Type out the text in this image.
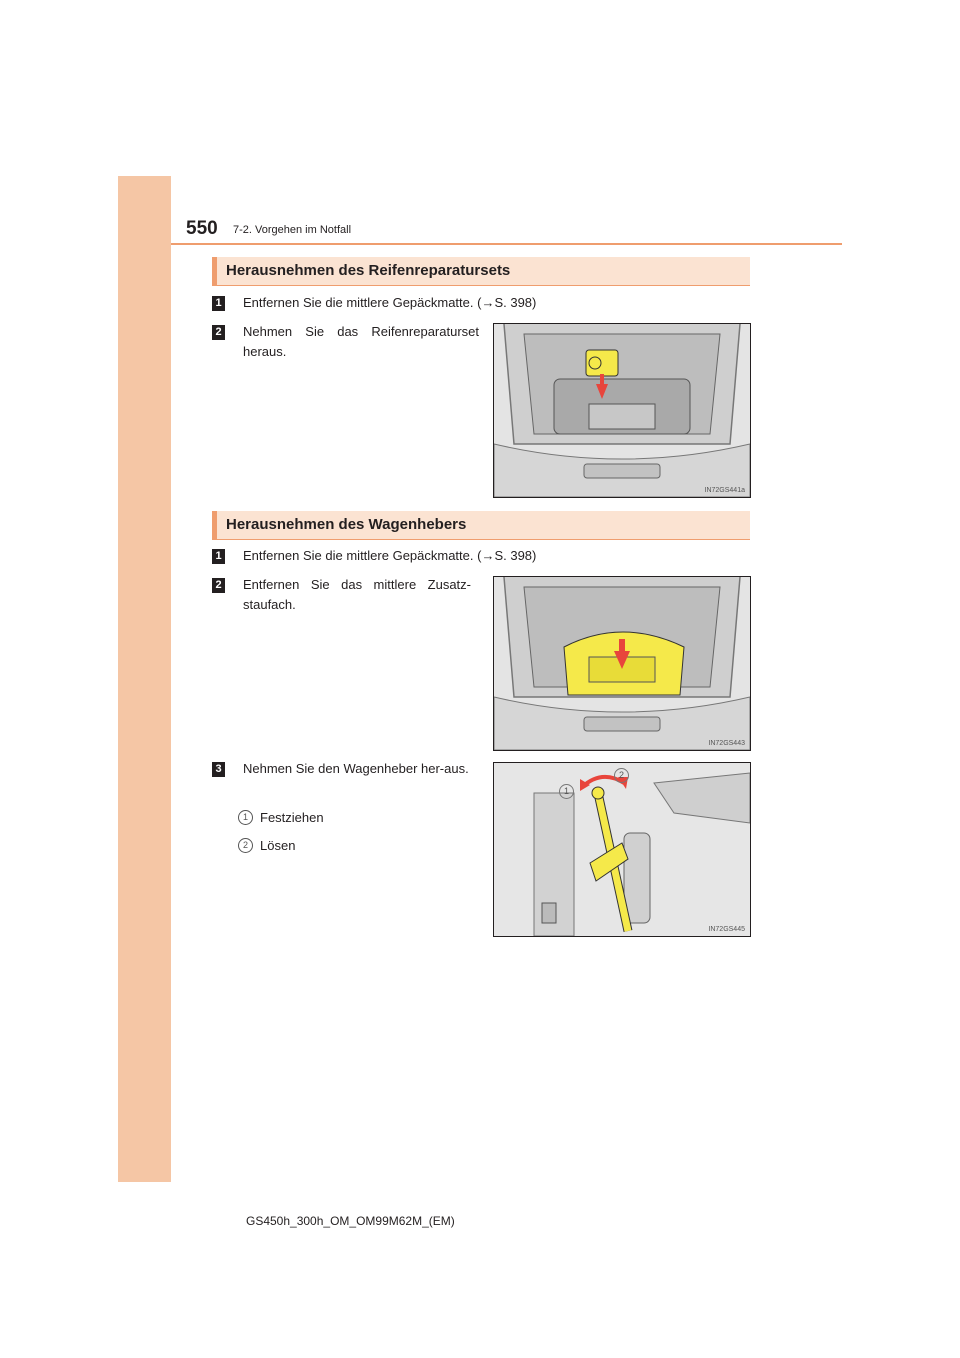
550 7-2. Vorgehen im Notfall
Herausnehmen des Reifenreparatursets
1 Entfernen Sie die mittlere Gepäckmatte. (→S. 398)
2 Nehmen Sie das Reifenreparaturset heraus.
IN72GS441a
Herausnehmen des Wagenhebers
1 Entfernen Sie die mittlere Gepäckmatte. (→S. 398)
2 Entfernen Sie das mittlere Zusatz-staufach.
IN72GS443
3 Nehmen Sie den Wagenheber her-aus.
1 Festziehen
2 Lösen
1
2
IN72GS445
GS450h_300h_OM_OM99M62M_(EM)
